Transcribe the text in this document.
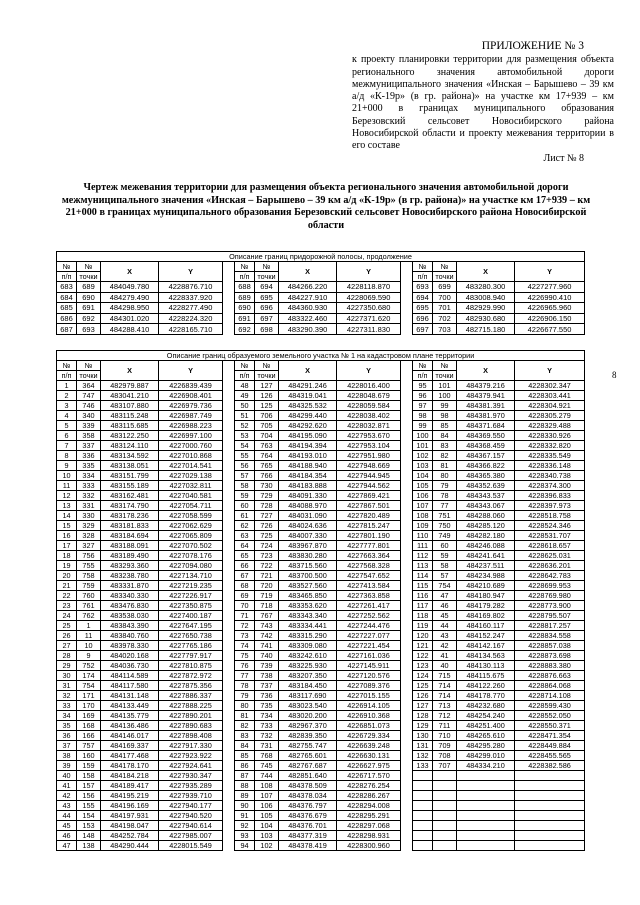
ПРИЛОЖЕНИЕ № 3
к проекту планировки территории для размещения объекта регионального значения автомобильной дороги межмуниципального значения «Инская – Барышево – 39 км а/д «К-19р» (в гр. района)» на участке км 17+939 – км 21+000 в границах муниципального образования Березовский сельсовет Новосибирского района Новосибирской области и проекту межевания территории в его составе
Лист № 8
Чертеж межевания территории для размещения объекта регионального значения автомобильной дороги межмуниципального значения «Инская – Барышево – 39 км а/д «К-19р» (в гр. района)» на участке км 17+939 – км 21+000 в границах муниципального образования Березовский сельсовет Новосибирского района Новосибирской области
8
Описание границ придорожной полосы, продолжение													
№	№	X	Y		№	№	X	Y		№	№	X	Y
п/п	точки				п/п	точки				п/п	точки		
683	689	484049.780	4228876.710		688	694	484266.220	4228118.870		693	699	483280.300	4227277.960
684	690	484279.490	4228337.920		689	695	484227.910	4228069.590		694	700	483008.940	4226990.410
685	691	484298.950	4228277.490		690	696	484360.930	4227350.680		695	701	482929.990	4226965.960
686	692	484301.020	4228224.320		691	697	483322.460	4227371.620		696	702	482930.680	4226906.150
687	693	484288.410	4228165.710		692	698	483290.390	4227311.830		697	703	482715.180	4226677.550
Описание границ образуемого земельного участка № 1 на кадастровом плане территории													
№	№	X	Y		№	№	X	Y		№	№	X	Y
п/п	точки				п/п	точки				п/п	точки		
1	364	482979.887	4226839.439		48	127	484291.246	4228016.400		95	101	484379.216	4228302.347
2	747	483041.210	4226908.401		49	126	484319.041	4228048.679		96	100	484379.941	4228303.441
3	746	483107.880	4226979.736		50	125	484325.532	4228059.584		97	99	484381.391	4228304.921
4	340	483115.248	4226987.749		51	706	484299.440	4228038.402		98	98	484381.970	4228305.279
5	339	483115.685	4226988.223		52	705	484292.620	4228032.871		99	85	484371.684	4228329.488
6	358	483122.250	4226997.100		53	704	484195.090	4227953.670		100	84	484369.550	4228330.926
7	337	483124.110	4227000.760		54	763	484194.394	4227953.104		101	83	484368.459	4228332.820
8	336	483134.592	4227010.868		55	764	484193.010	4227951.980		102	82	484367.157	4228335.549
9	335	483138.051	4227014.541		56	765	484188.940	4227948.669		103	81	484366.822	4228336.148
10	334	483151.799	4227029.138		57	766	484184.354	4227944.945		104	80	484365.380	4228340.738
11	333	483155.189	4227032.811		58	730	484183.888	4227944.562		105	79	484352.639	4228374.300
12	332	483162.481	4227040.581		59	729	484091.330	4227869.421		106	78	484343.537	4228396.833
13	331	483174.790	4227054.711		60	728	484088.970	4227867.501		107	77	484343.067	4228397.973
14	330	483178.236	4227058.599		61	727	484031.090	4227820.489		108	751	484288.060	4228518.758
15	329	483181.833	4227062.629		62	726	484024.636	4227815.247		109	750	484285.120	4228524.346
16	328	483184.694	4227065.809		63	725	484007.330	4227801.190		110	749	484282.180	4228531.707
17	327	483188.091	4227070.502		64	724	483967.870	4227777.801		111	60	484246.088	4228618.657
18	756	483189.490	4227078.176		65	723	483830.280	4227663.364		112	59	484241.641	4228625.031
19	755	483293.360	4227094.080		66	722	483715.560	4227568.328		113	58	484237.511	4228636.201
20	758	483238.780	4227134.710		67	721	483700.500	4227547.652		114	57	484234.988	4228642.783
21	759	483331.870	4227219.235		68	720	483527.560	4227413.584		115	754	484210.689	4228699.953
22	760	483340.330	4227226.917		69	719	483465.850	4227363.858		116	47	484180.947	4228769.980
23	761	483476.830	4227350.875		70	718	483353.620	4227261.417		117	46	484179.282	4228773.900
24	762	483538.030	4227400.187		71	767	483343.340	4227252.562		118	45	484169.802	4228795.507
25	1	483843.390	4227647.195		72	743	483334.441	4227244.476		119	44	484160.117	4228817.257
26	11	483840.760	4227650.738		73	742	483315.290	4227227.077		120	43	484152.247	4228834.558
27	10	483978.330	4227765.186		74	741	483309.080	4227221.454		121	42	484142.167	4228857.038
28	9	484020.168	4227797.917		75	740	483242.610	4227161.036		122	41	484134.563	4228873.698
29	752	484036.730	4227810.875		76	739	483225.930	4227145.911		123	40	484130.113	4228883.380
30	174	484114.589	4227872.972		77	738	483207.350	4227120.576		124	715	484115.675	4228876.663
31	754	484117.580	4227875.356		78	737	483184.450	4227089.376		125	714	484122.260	4228864.068
32	171	484131.148	4227886.337		79	736	483117.690	4227015.155		126	714	484178.770	4228714.108
33	170	484133.449	4227888.225		80	735	483023.540	4226914.105		127	713	484232.680	4228599.430
34	169	484135.779	4227890.201		81	734	483020.200	4226910.368		128	712	484254.240	4228552.050
35	168	484136.486	4227890.683		82	733	482967.370	4226851.073		129	711	484251.400	4228550.371
36	166	484146.017	4227898.408		83	732	482839.350	4226729.334		130	710	484265.610	4228471.354
37	757	484169.337	4227917.330		84	731	482755.747	4226639.248		131	709	484295.280	4228449.884
38	160	484177.468	4227923.922		85	768	482765.601	4226630.131		132	708	484299.010	4228455.565
39	159	484178.170	4227924.641		86	745	482767.687	4226627.975		133	707	484334.210	4228382.586
40	158	484184.218	4227930.347		87	744	482851.640	4226717.570					
41	157	484189.417	4227935.289		88	108	484378.509	4228276.254					
42	156	484195.219	4227939.710		89	107	484378.034	4228286.267					
43	155	484196.169	4227940.177		90	106	484376.797	4228294.008					
44	154	484197.931	4227940.520		91	105	484376.679	4228295.291					
45	153	484198.047	4227940.614		92	104	484376.701	4228297.068					
46	148	484252.784	4227985.007		93	103	484377.319	4228298.931					
47	138	484290.444	4228015.549		94	102	484378.419	4228300.960					
